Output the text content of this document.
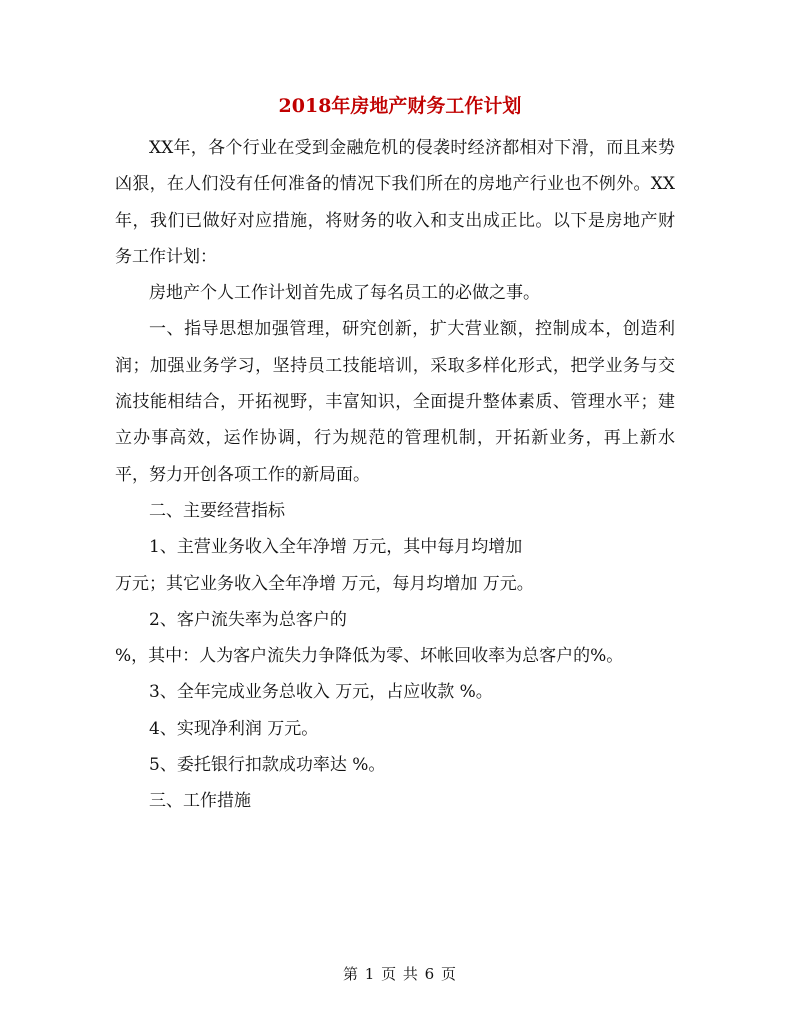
2018年房地产财务工作计划

XX年，各个行业在受到金融危机的侵袭时经济都相对下滑，而且来势凶狠，在人们没有任何准备的情况下我们所在的房地产行业也不例外。XX年，我们已做好对应措施，将财务的收入和支出成正比。以下是房地产财务工作计划：

房地产个人工作计划首先成了每名员工的必做之事。

一、指导思想加强管理，研究创新，扩大营业额，控制成本，创造利润；加强业务学习，坚持员工技能培训，采取多样化形式，把学业务与交流技能相结合，开拓视野，丰富知识，全面提升整体素质、管理水平；建立办事高效，运作协调，行为规范的管理机制，开拓新业务，再上新水平，努力开创各项工作的新局面。

二、主要经营指标

1、主营业务收入全年净增 万元，其中每月均增加

万元；其它业务收入全年净增 万元，每月均增加 万元。

2、客户流失率为总客户的

%，其中：人为客户流失力争降低为零、坏帐回收率为总客户的%。

3、全年完成业务总收入 万元，占应收款 %。

4、实现净利润 万元。

5、委托银行扣款成功率达 %。

三、工作措施

第 1 页 共 6 页
